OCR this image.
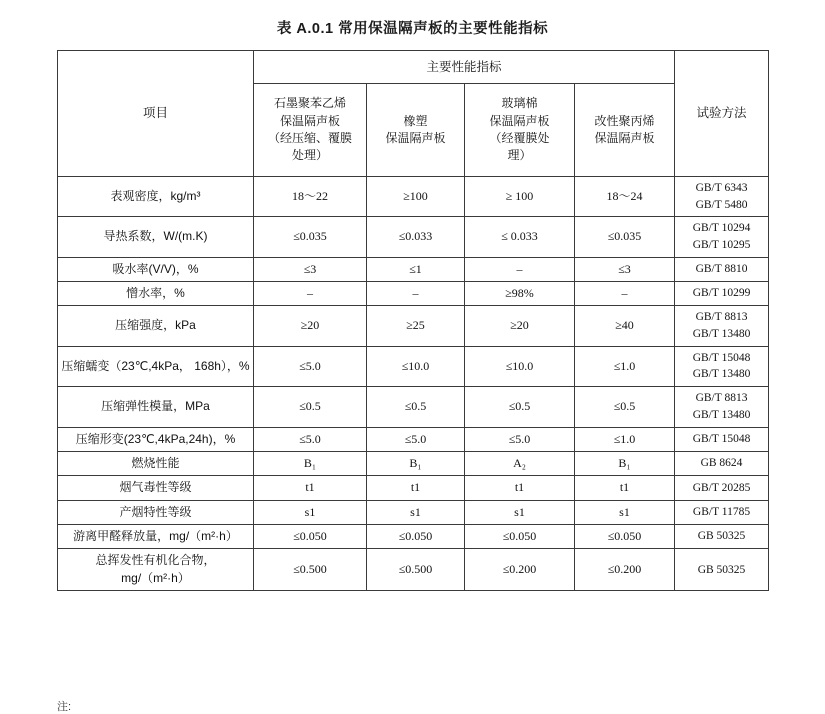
表 A.0.1 常用保温隔声板的主要性能指标
项目	主要性能指标				试验方法
	石墨聚苯乙烯
保温隔声板
（经压缩、覆膜
处理）	橡塑
保温隔声板	玻璃棉
保温隔声板
（经覆膜处
理）	改性聚丙烯
保温隔声板	
表观密度，kg/m³	18～22	≥100	≥ 100	18～24	GB/T 6343
GB/T 5480

导热系数，W/(m.K)	≤0.035	≤0.033	≤ 0.033	≤0.035	GB/T 10294
GB/T 10295

吸水率(V/V)，%	≤3	≤1	–	≤3	GB/T 8810

憎水率，%	–	–	≥98%	–	GB/T 10299

压缩强度，kPa	≥20	≥25	≥20	≥40	GB/T 8813
GB/T 13480

压缩蠕变（23℃,4kPa， 168h），%	≤5.0	≤10.0	≤10.0	≤1.0	GB/T 15048
GB/T 13480

压缩弹性模量，MPa	≤0.5	≤0.5	≤0.5	≤0.5	GB/T 8813
GB/T 13480

压缩形变(23℃,4kPa,24h)，%	≤5.0	≤5.0	≤5.0	≤1.0	GB/T 15048

燃烧性能	B₁	B₁	A₂	B₁	GB 8624

烟气毒性等级	t1	t1	t1	t1	GB/T 20285

产烟特性等级	s1	s1	s1	s1	GB/T 11785

游离甲醛释放量，mg/（m²·h）	≤0.050	≤0.050	≤0.050	≤0.050	GB 50325

总挥发性有机化合物， mg/（m²·h）	≤0.500	≤0.500	≤0.200	≤0.200	GB 50325
注:
